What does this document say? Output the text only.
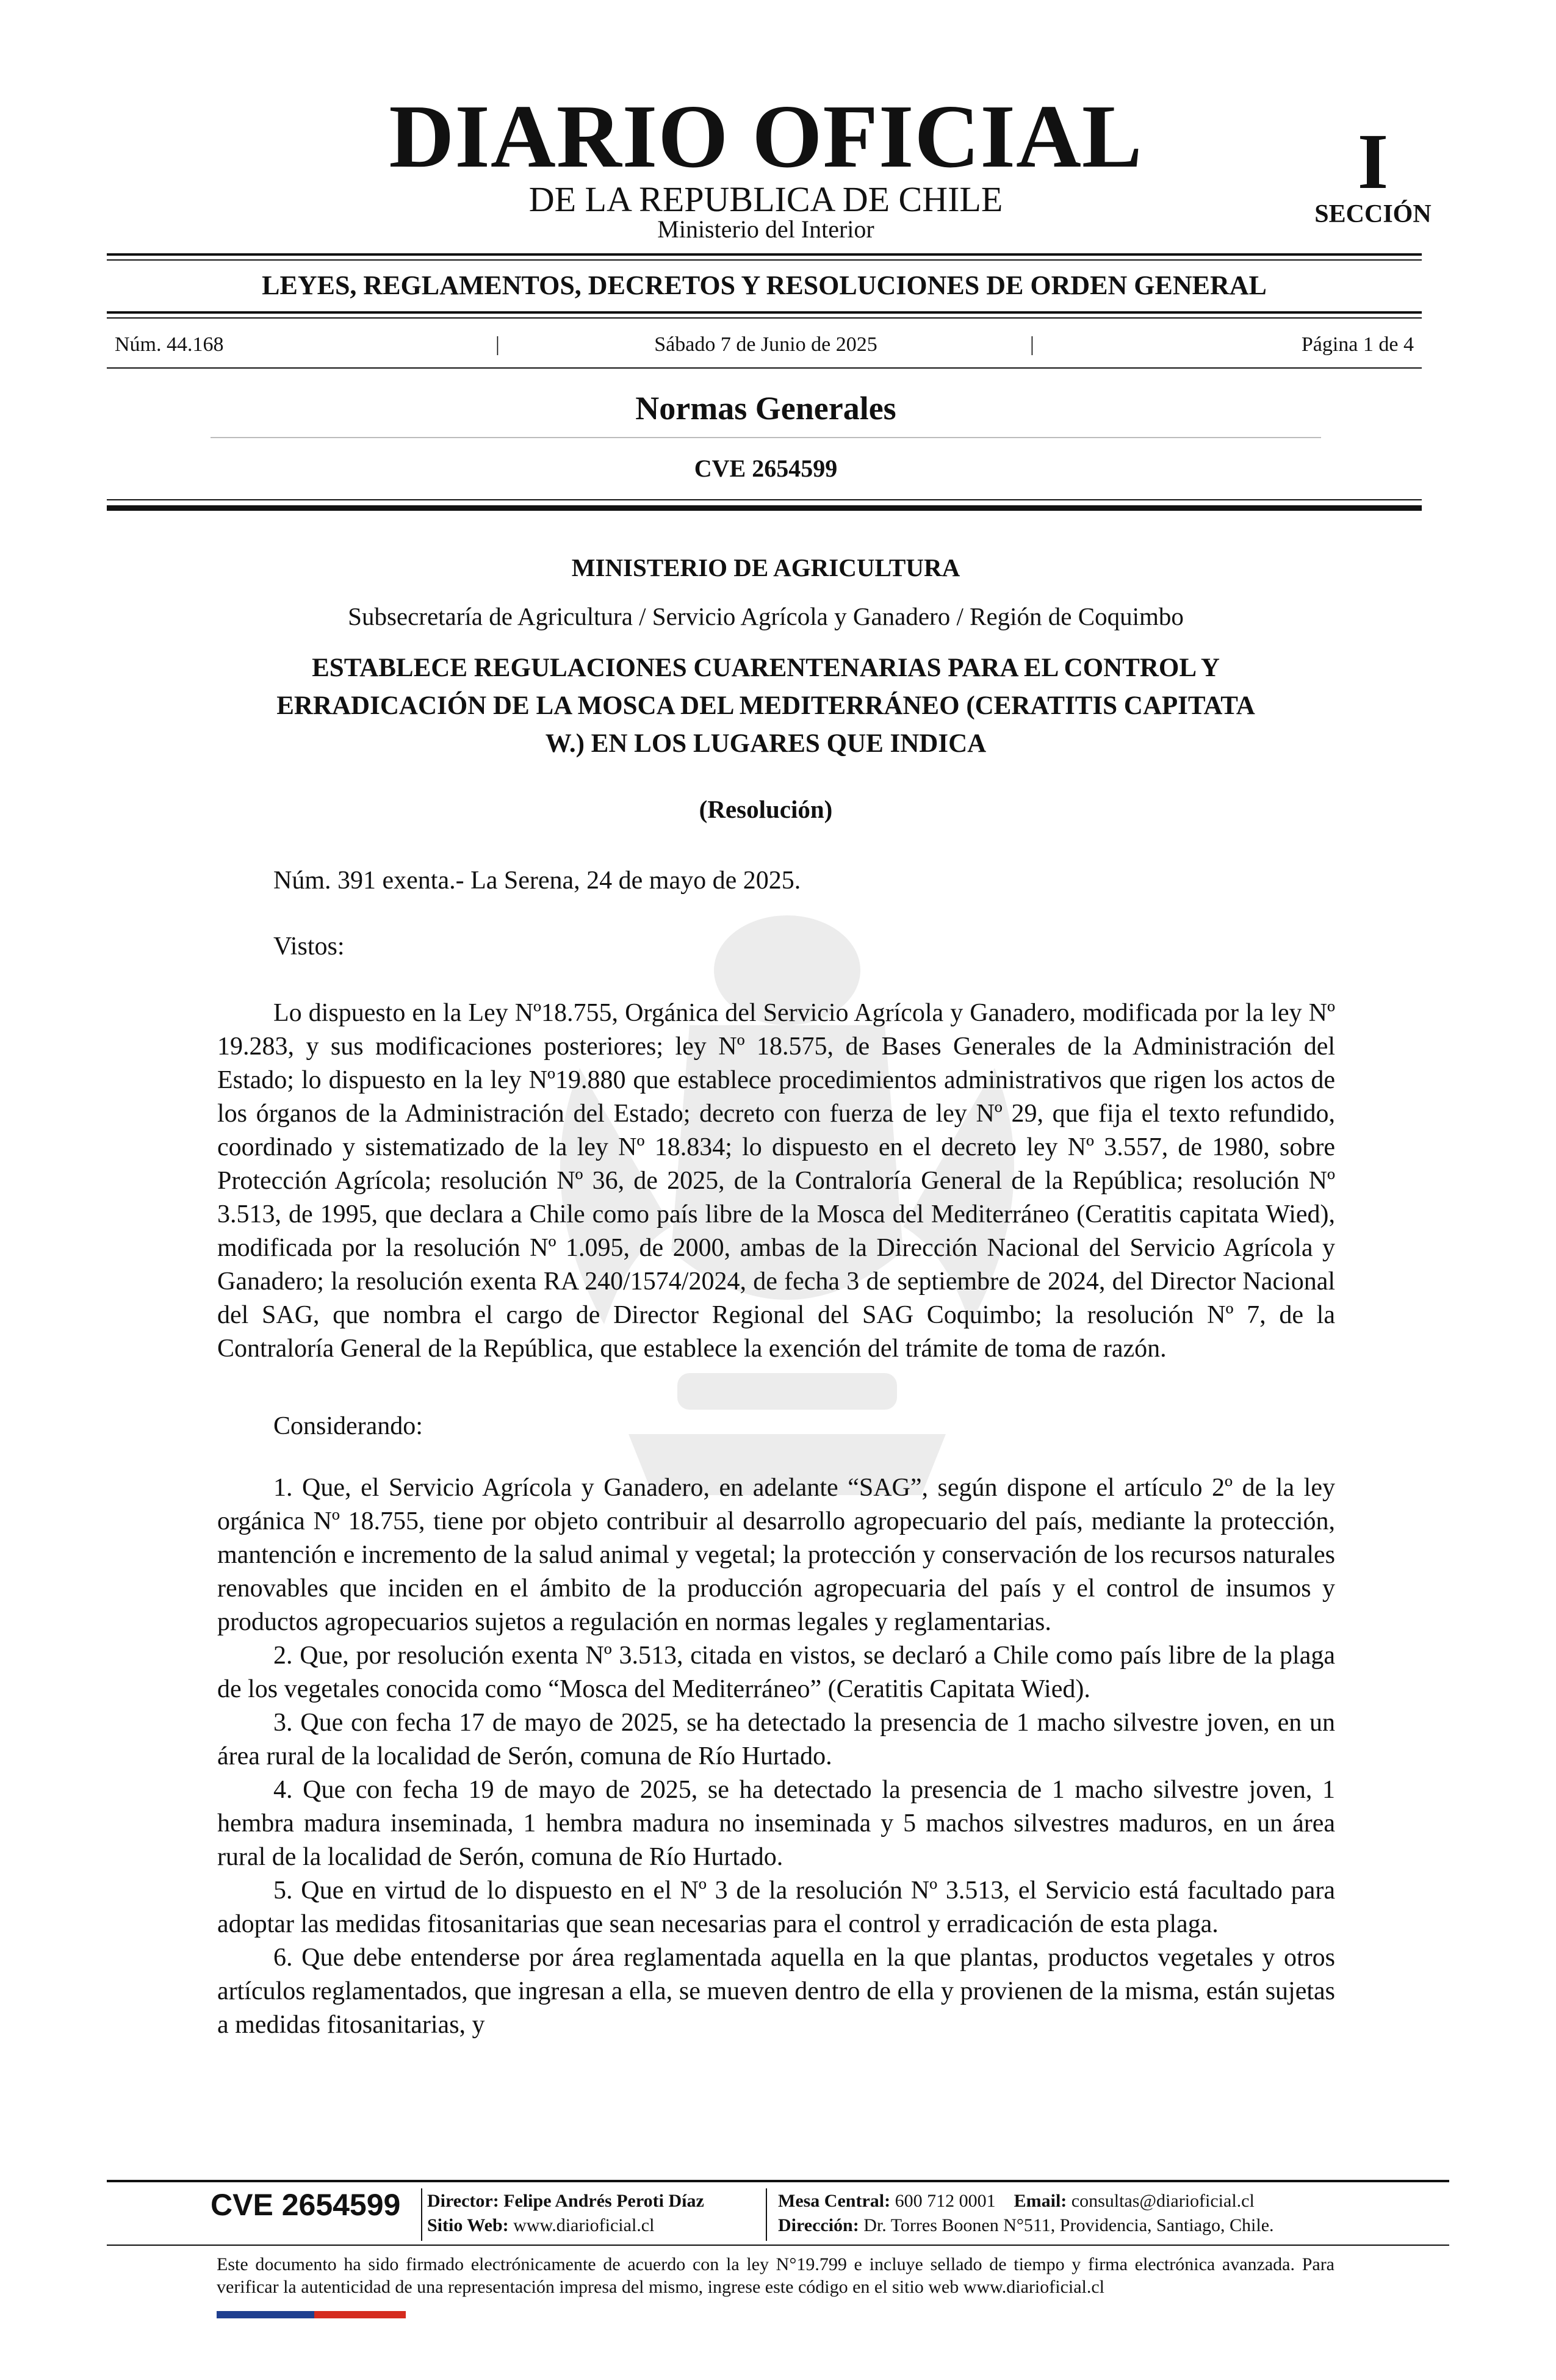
DIARIO OFICIAL
DE LA REPUBLICA DE CHILE
Ministerio del Interior
I
SECCIÓN
LEYES, REGLAMENTOS, DECRETOS Y RESOLUCIONES DE ORDEN GENERAL
Núm. 44.168	|	Sábado 7 de Junio de 2025	|	Página 1 de 4
Normas Generales
CVE 2654599
MINISTERIO DE AGRICULTURA
Subsecretaría de Agricultura / Servicio Agrícola y Ganadero / Región de Coquimbo
ESTABLECE REGULACIONES CUARENTENARIAS PARA EL CONTROL Y
ERRADICACIÓN DE LA MOSCA DEL MEDITERRÁNEO (CERATITIS CAPITATA
W.) EN LOS LUGARES QUE INDICA
(Resolución)
Núm. 391 exenta.- La Serena, 24 de mayo de 2025.
Vistos:

Lo dispuesto en la Ley Nº18.755, Orgánica del Servicio Agrícola y Ganadero, modificada por la ley Nº 19.283, y sus modificaciones posteriores; ley Nº 18.575, de Bases Generales de la Administración del Estado; lo dispuesto en la ley Nº19.880 que establece procedimientos administrativos que rigen los actos de los órganos de la Administración del Estado; decreto con fuerza de ley Nº 29, que fija el texto refundido, coordinado y sistematizado de la ley Nº 18.834; lo dispuesto en el decreto ley Nº 3.557, de 1980, sobre Protección Agrícola; resolución Nº 36, de 2025, de la Contraloría General de la República; resolución Nº 3.513, de 1995, que declara a Chile como país libre de la Mosca del Mediterráneo (Ceratitis capitata Wied), modificada por la resolución Nº 1.095, de 2000, ambas de la Dirección Nacional del Servicio Agrícola y Ganadero; la resolución exenta RA 240/1574/2024, de fecha 3 de septiembre de 2024, del Director Nacional del SAG, que nombra el cargo de Director Regional del SAG Coquimbo; la resolución Nº 7, de la Contraloría General de la República, que establece la exención del trámite de toma de razón.

Considerando:

1. Que, el Servicio Agrícola y Ganadero, en adelante “SAG”, según dispone el artículo 2º de la ley orgánica Nº 18.755, tiene por objeto contribuir al desarrollo agropecuario del país, mediante la protección, mantención e incremento de la salud animal y vegetal; la protección y conservación de los recursos naturales renovables que inciden en el ámbito de la producción agropecuaria del país y el control de insumos y productos agropecuarios sujetos a regulación en normas legales y reglamentarias.

2. Que, por resolución exenta Nº 3.513, citada en vistos, se declaró a Chile como país libre de la plaga de los vegetales conocida como “Mosca del Mediterráneo” (Ceratitis Capitata Wied).

3. Que con fecha 17 de mayo de 2025, se ha detectado la presencia de 1 macho silvestre joven, en un área rural de la localidad de Serón, comuna de Río Hurtado.

4. Que con fecha 19 de mayo de 2025, se ha detectado la presencia de 1 macho silvestre joven, 1 hembra madura inseminada, 1 hembra madura no inseminada y 5 machos silvestres maduros, en un área rural de la localidad de Serón, comuna de Río Hurtado.

5. Que en virtud de lo dispuesto en el Nº 3 de la resolución Nº 3.513, el Servicio está facultado para adoptar las medidas fitosanitarias que sean necesarias para el control y erradicación de esta plaga.

6. Que debe entenderse por área reglamentada aquella en la que plantas, productos vegetales y otros artículos reglamentados, que ingresan a ella, se mueven dentro de ella y provienen de la misma, están sujetas a medidas fitosanitarias, y

CVE 2654599 Director: Felipe Andrés Peroti Díaz
Sitio Web: www.diarioficial.cl
Mesa Central: 600 712 0001 Email: consultas@diarioficial.cl
Dirección: Dr. Torres Boonen N°511, Providencia, Santiago, Chile.
Este documento ha sido firmado electrónicamente de acuerdo con la ley N°19.799 e incluye sellado de tiempo y firma electrónica avanzada. Para verificar la autenticidad de una representación impresa del mismo, ingrese este código en el sitio web www.diarioficial.cl
